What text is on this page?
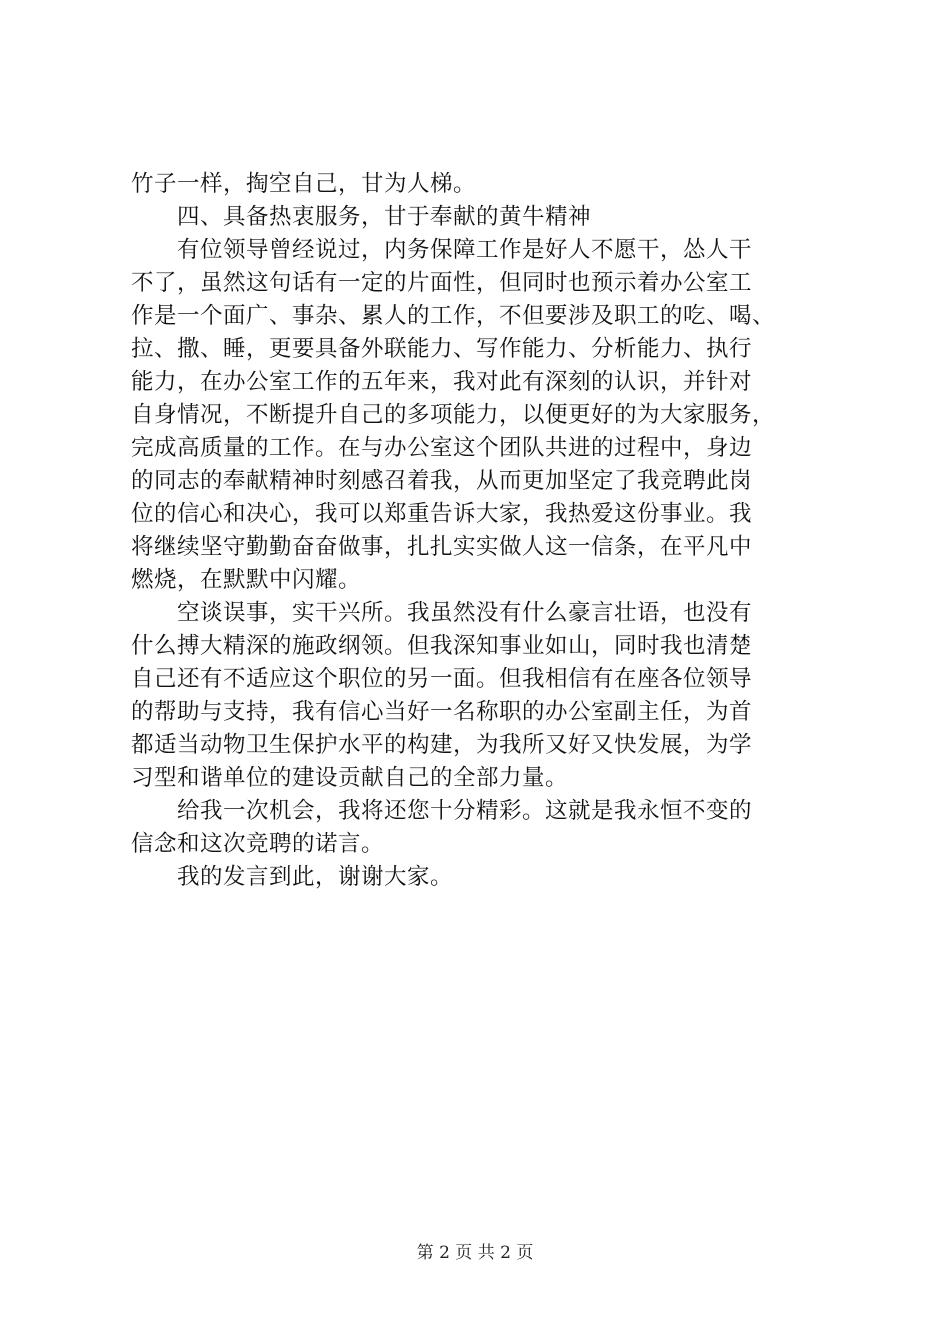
竹子一样，掏空自己，甘为人梯。
四、具备热衷服务，甘于奉献的黄牛精神
有位领导曾经说过，内务保障工作是好人不愿干，怂人干
不了，虽然这句话有一定的片面性，但同时也预示着办公室工
作是一个面广、事杂、累人的工作，不但要涉及职工的吃、喝、
拉、撒、睡，更要具备外联能力、写作能力、分析能力、执行
能力，在办公室工作的五年来，我对此有深刻的认识，并针对
自身情况，不断提升自己的多项能力，以便更好的为大家服务，
完成高质量的工作。在与办公室这个团队共进的过程中，身边
的同志的奉献精神时刻感召着我，从而更加坚定了我竞聘此岗
位的信心和决心，我可以郑重告诉大家，我热爱这份事业。我
将继续坚守勤勤奋奋做事，扎扎实实做人这一信条，在平凡中
燃烧，在默默中闪耀。
空谈误事，实干兴所。我虽然没有什么豪言壮语，也没有
什么搏大精深的施政纲领。但我深知事业如山，同时我也清楚
自己还有不适应这个职位的另一面。但我相信有在座各位领导
的帮助与支持，我有信心当好一名称职的办公室副主任，为首
都适当动物卫生保护水平的构建，为我所又好又快发展，为学
习型和谐单位的建设贡献自己的全部力量。
给我一次机会，我将还您十分精彩。这就是我永恒不变的
信念和这次竞聘的诺言。
我的发言到此，谢谢大家。
第 2 页 共 2 页
